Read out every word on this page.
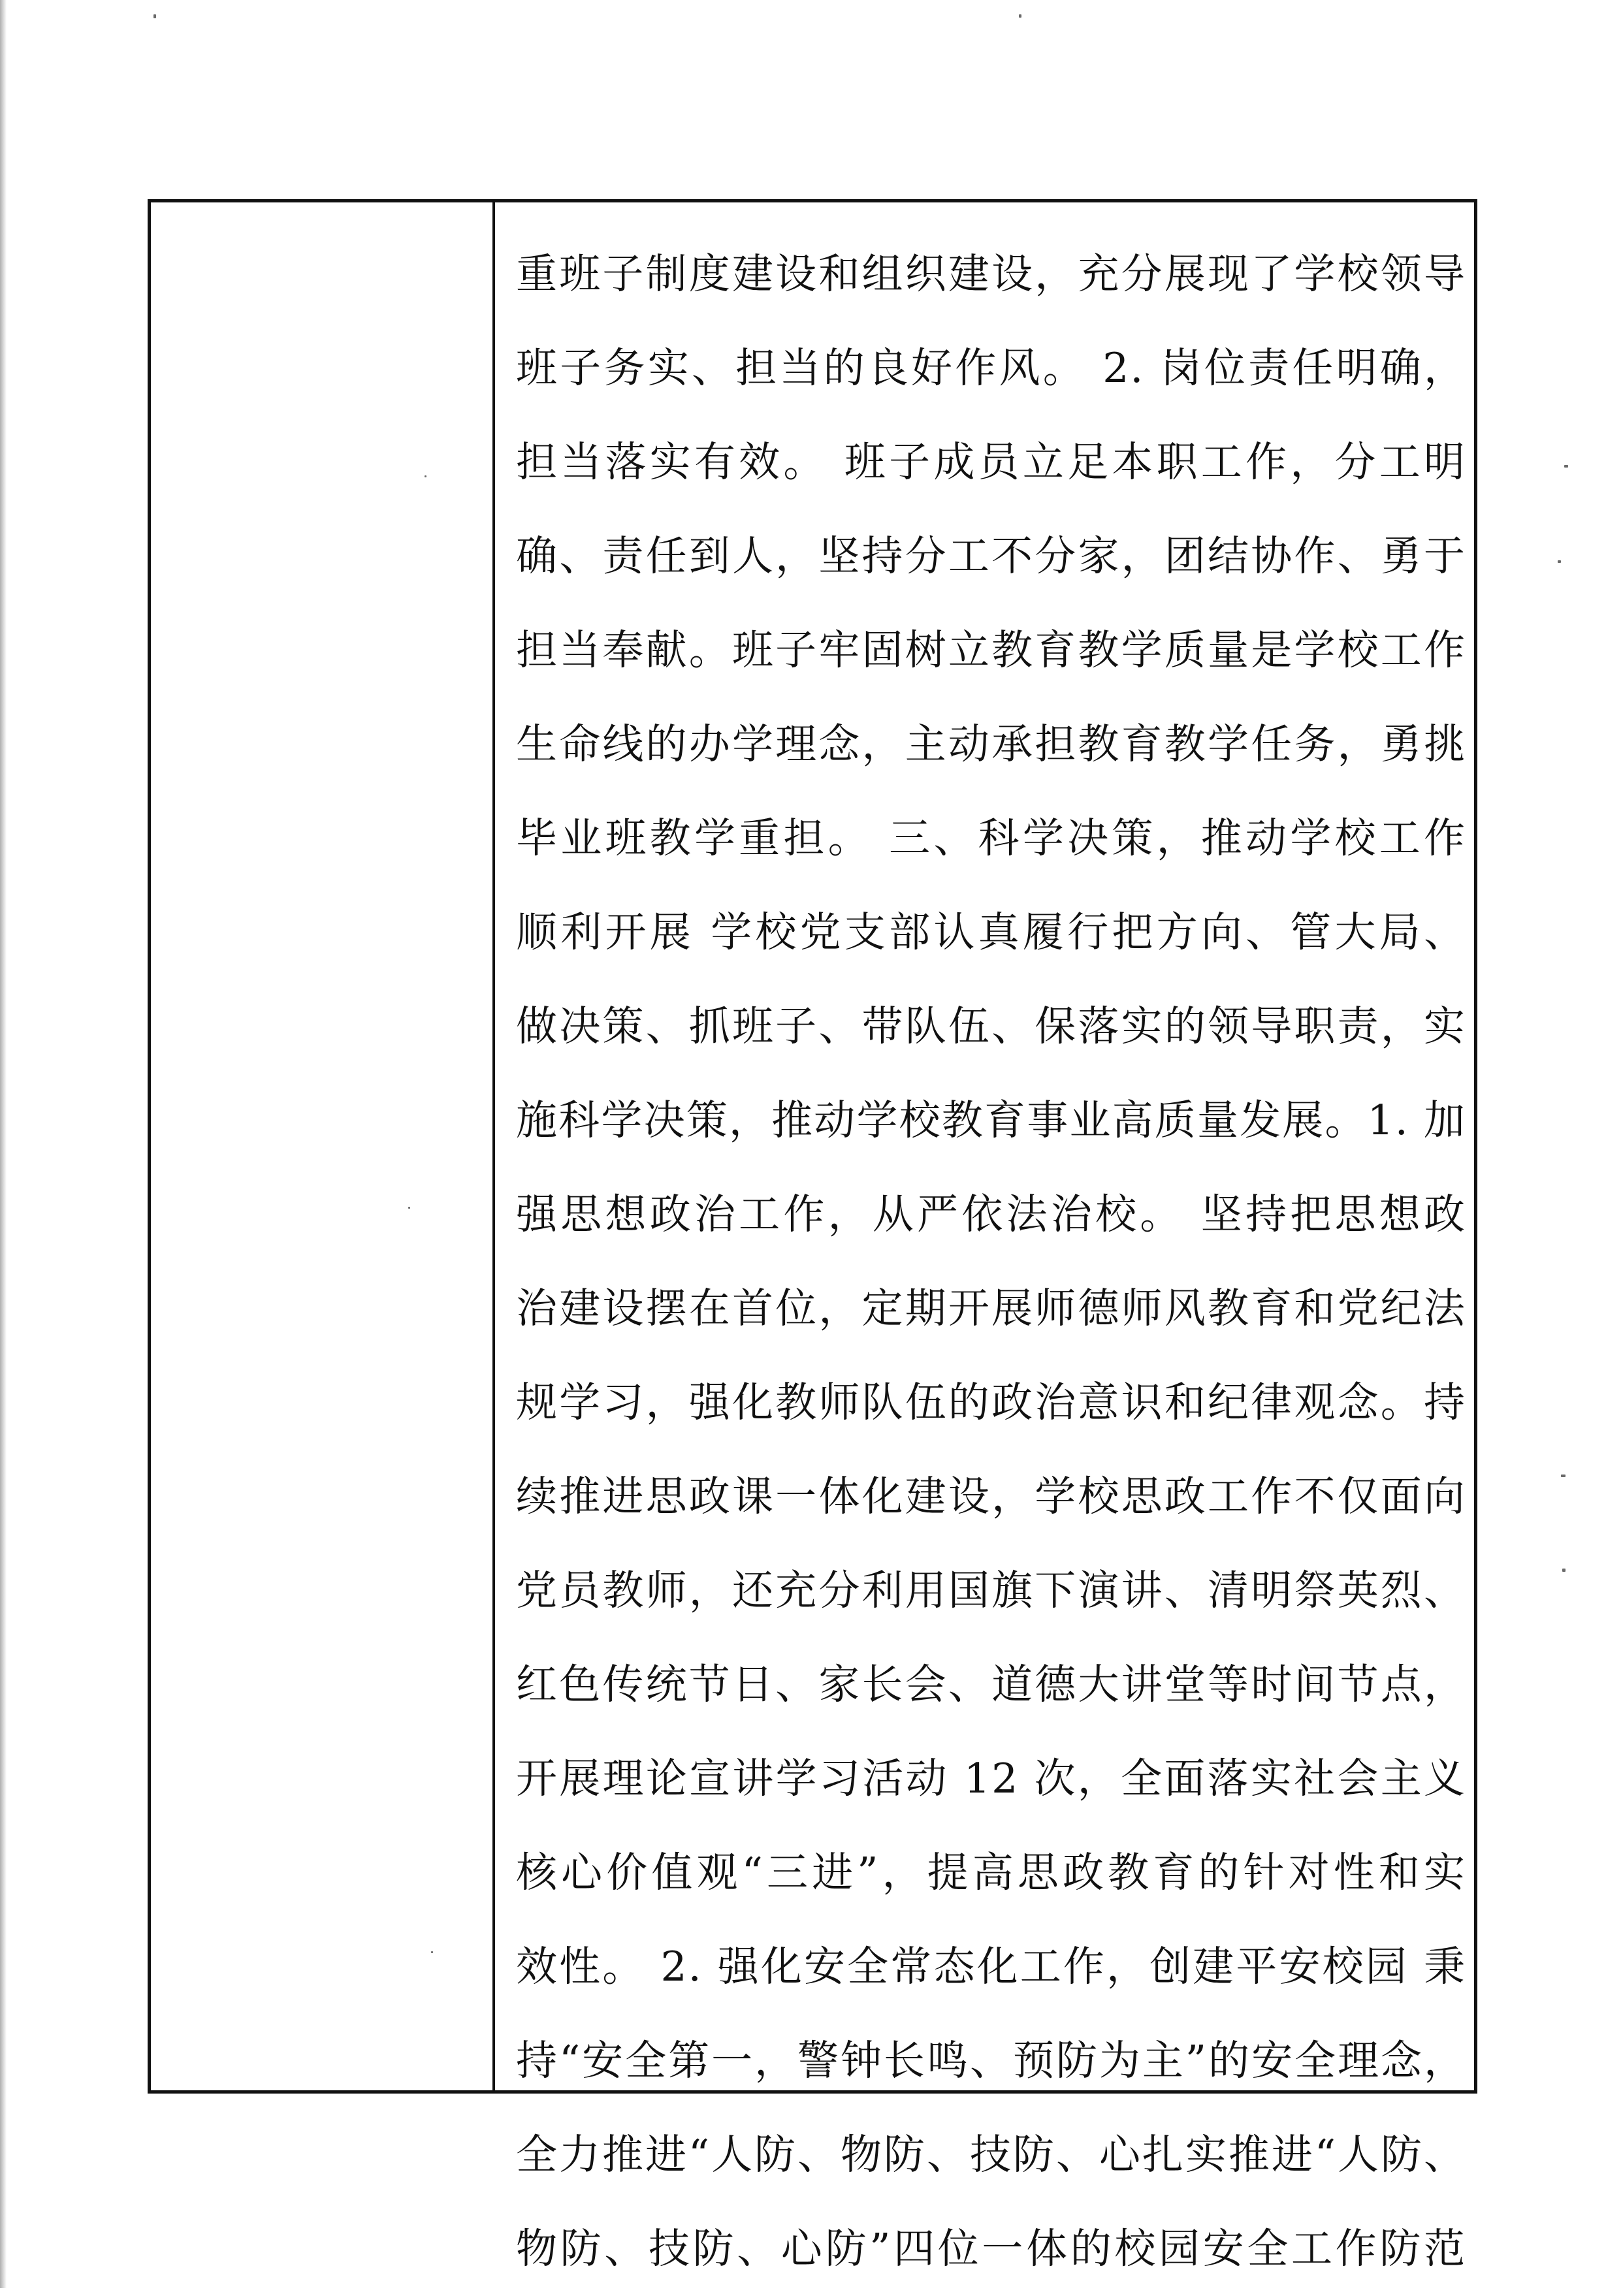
重班子制度建设和组织建设，充分展现了学校领导
班子务实、担当的良好作风。 2. 岗位责任明确，
担当落实有效。 班子成员立足本职工作，分工明
确、责任到人，坚持分工不分家，团结协作、勇于
担当奉献。班子牢固树立教育教学质量是学校工作
生命线的办学理念，主动承担教育教学任务，勇挑
毕业班教学重担。 三、科学决策，推动学校工作
顺利开展 学校党支部认真履行把方向、管大局、
做决策、抓班子、带队伍、保落实的领导职责，实
施科学决策，推动学校教育事业高质量发展。1. 加
强思想政治工作，从严依法治校。 坚持把思想政
治建设摆在首位，定期开展师德师风教育和党纪法
规学习，强化教师队伍的政治意识和纪律观念。持
续推进思政课一体化建设，学校思政工作不仅面向
党员教师，还充分利用国旗下演讲、清明祭英烈、
红色传统节日、家长会、道德大讲堂等时间节点，
开展理论宣讲学习活动 12 次，全面落实社会主义
核心价值观“三进”，提高思政教育的针对性和实
效性。 2. 强化安全常态化工作，创建平安校园 秉
持“安全第一，警钟长鸣、预防为主”的安全理念，
全力推进“人防、物防、技防、心扎实推进“人防、
物防、技防、心防”四位一体的校园安全工作防范
